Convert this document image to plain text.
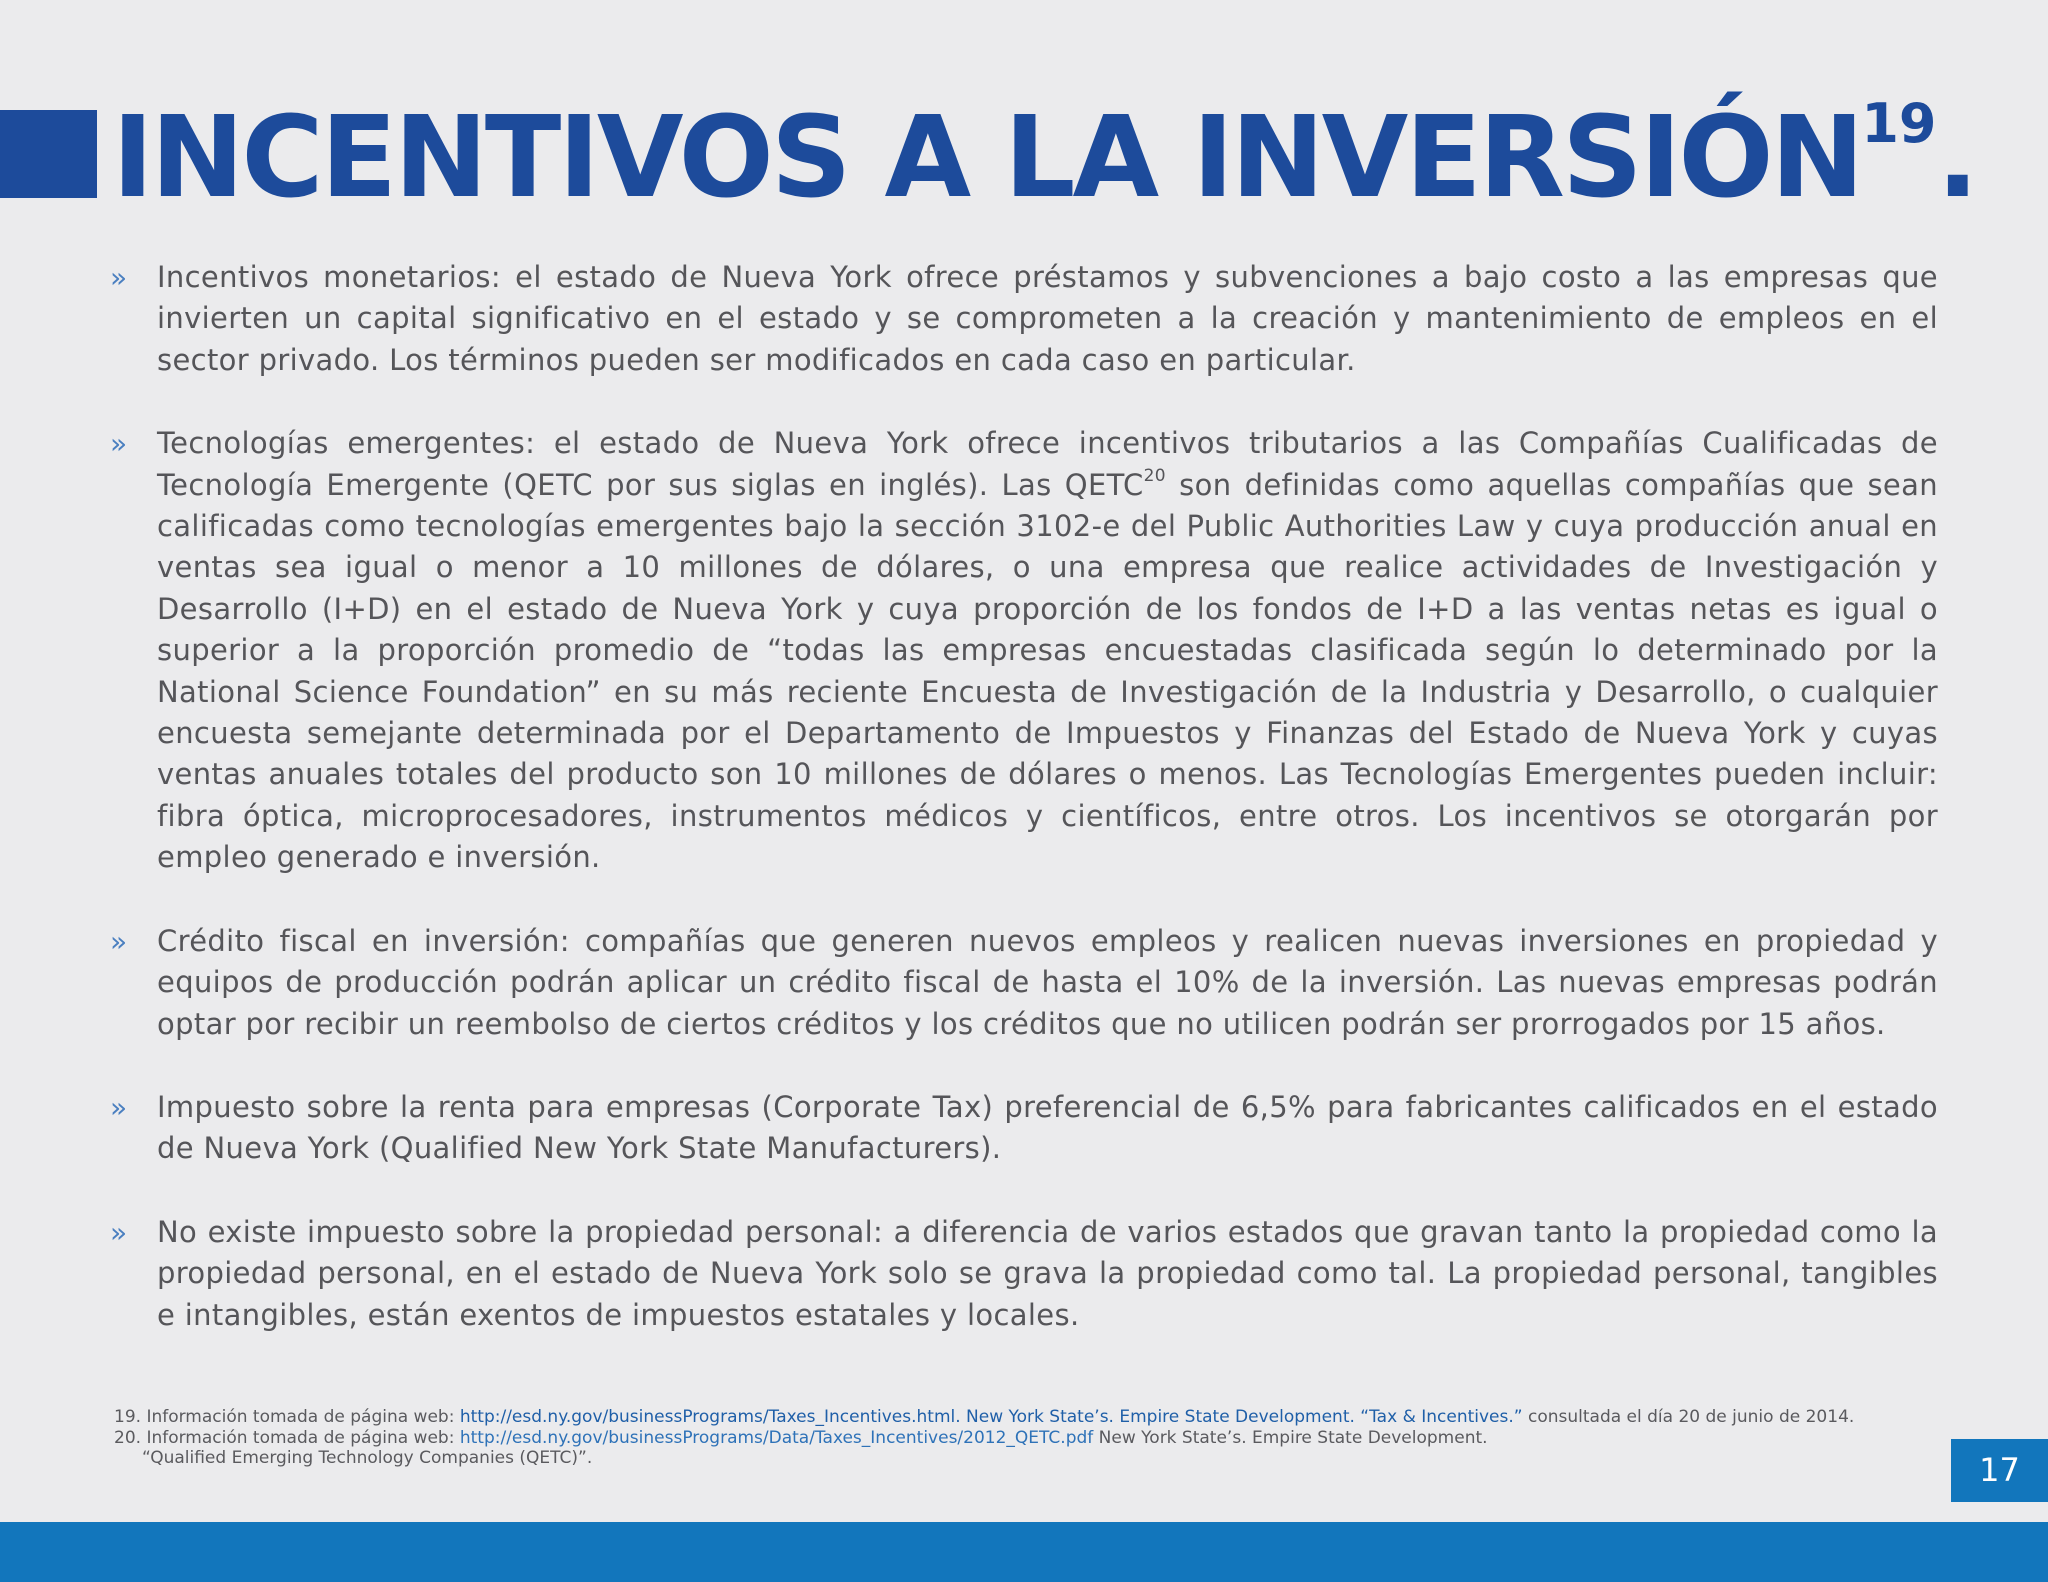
INCENTIVOS A LA INVERSIÓN$^{19}$.
» Incentivos monetarios: el estado de Nueva York ofrece préstamos y subvenciones a bajo costo a las empresas que invierten un capital significativo en el estado y se comprometen a la creación y mantenimiento de empleos en el sector privado. Los términos pueden ser modificados en cada caso en particular.
» Tecnologías emergentes: el estado de Nueva York ofrece incentivos tributarios a las Compañías Cualificadas de Tecnología Emergente (QETC por sus siglas en inglés). Las QETC$^{20}$ son definidas como aquellas compañías que sean calificadas como tecnologías emergentes bajo la sección 3102-e del Public Authorities Law y cuya producción anual en ventas sea igual o menor a 10 millones de dólares, o una empresa que realice actividades de Investigación y Desarrollo (I+D) en el estado de Nueva York y cuya proporción de los fondos de I+D a las ventas netas es igual o superior a la proporción promedio de “todas las empresas encuestadas clasificada según lo determinado por la National Science Foundation” en su más reciente Encuesta de Investigación de la Industria y Desarrollo, o cualquier encuesta semejante determinada por el Departamento de Impuestos y Finanzas del Estado de Nueva York y cuyas ventas anuales totales del producto son 10 millones de dólares o menos. Las Tecnologías Emergentes pueden incluir: fibra óptica, microprocesadores, instrumentos médicos y científicos, entre otros. Los incentivos se otorgarán por empleo generado e inversión.
» Crédito fiscal en inversión: compañías que generen nuevos empleos y realicen nuevas inversiones en propiedad y equipos de producción podrán aplicar un crédito fiscal de hasta el 10% de la inversión. Las nuevas empresas podrán optar por recibir un reembolso de ciertos créditos y los créditos que no utilicen podrán ser prorrogados por 15 años.
» Impuesto sobre la renta para empresas (Corporate Tax) preferencial de 6,5% para fabricantes calificados en el estado de Nueva York (Qualified New York State Manufacturers).
» No existe impuesto sobre la propiedad personal: a diferencia de varios estados que gravan tanto la propiedad como la propiedad personal, en el estado de Nueva York solo se grava la propiedad como tal. La propiedad personal, tangibles e intangibles, están exentos de impuestos estatales y locales.

19. Información tomada de página web: http://esd.ny.gov/businessPrograms/Taxes_Incentives.html. New York State’s. Empire State Development. “Tax & Incentives.” consultada el día 20 de junio de 2014.

20. Información tomada de página web: http://esd.ny.gov/businessPrograms/Data/Taxes_Incentives/2012_QETC.pdf New York State’s. Empire State Development.

“Qualified Emerging Technology Companies (QETC)”.	17
